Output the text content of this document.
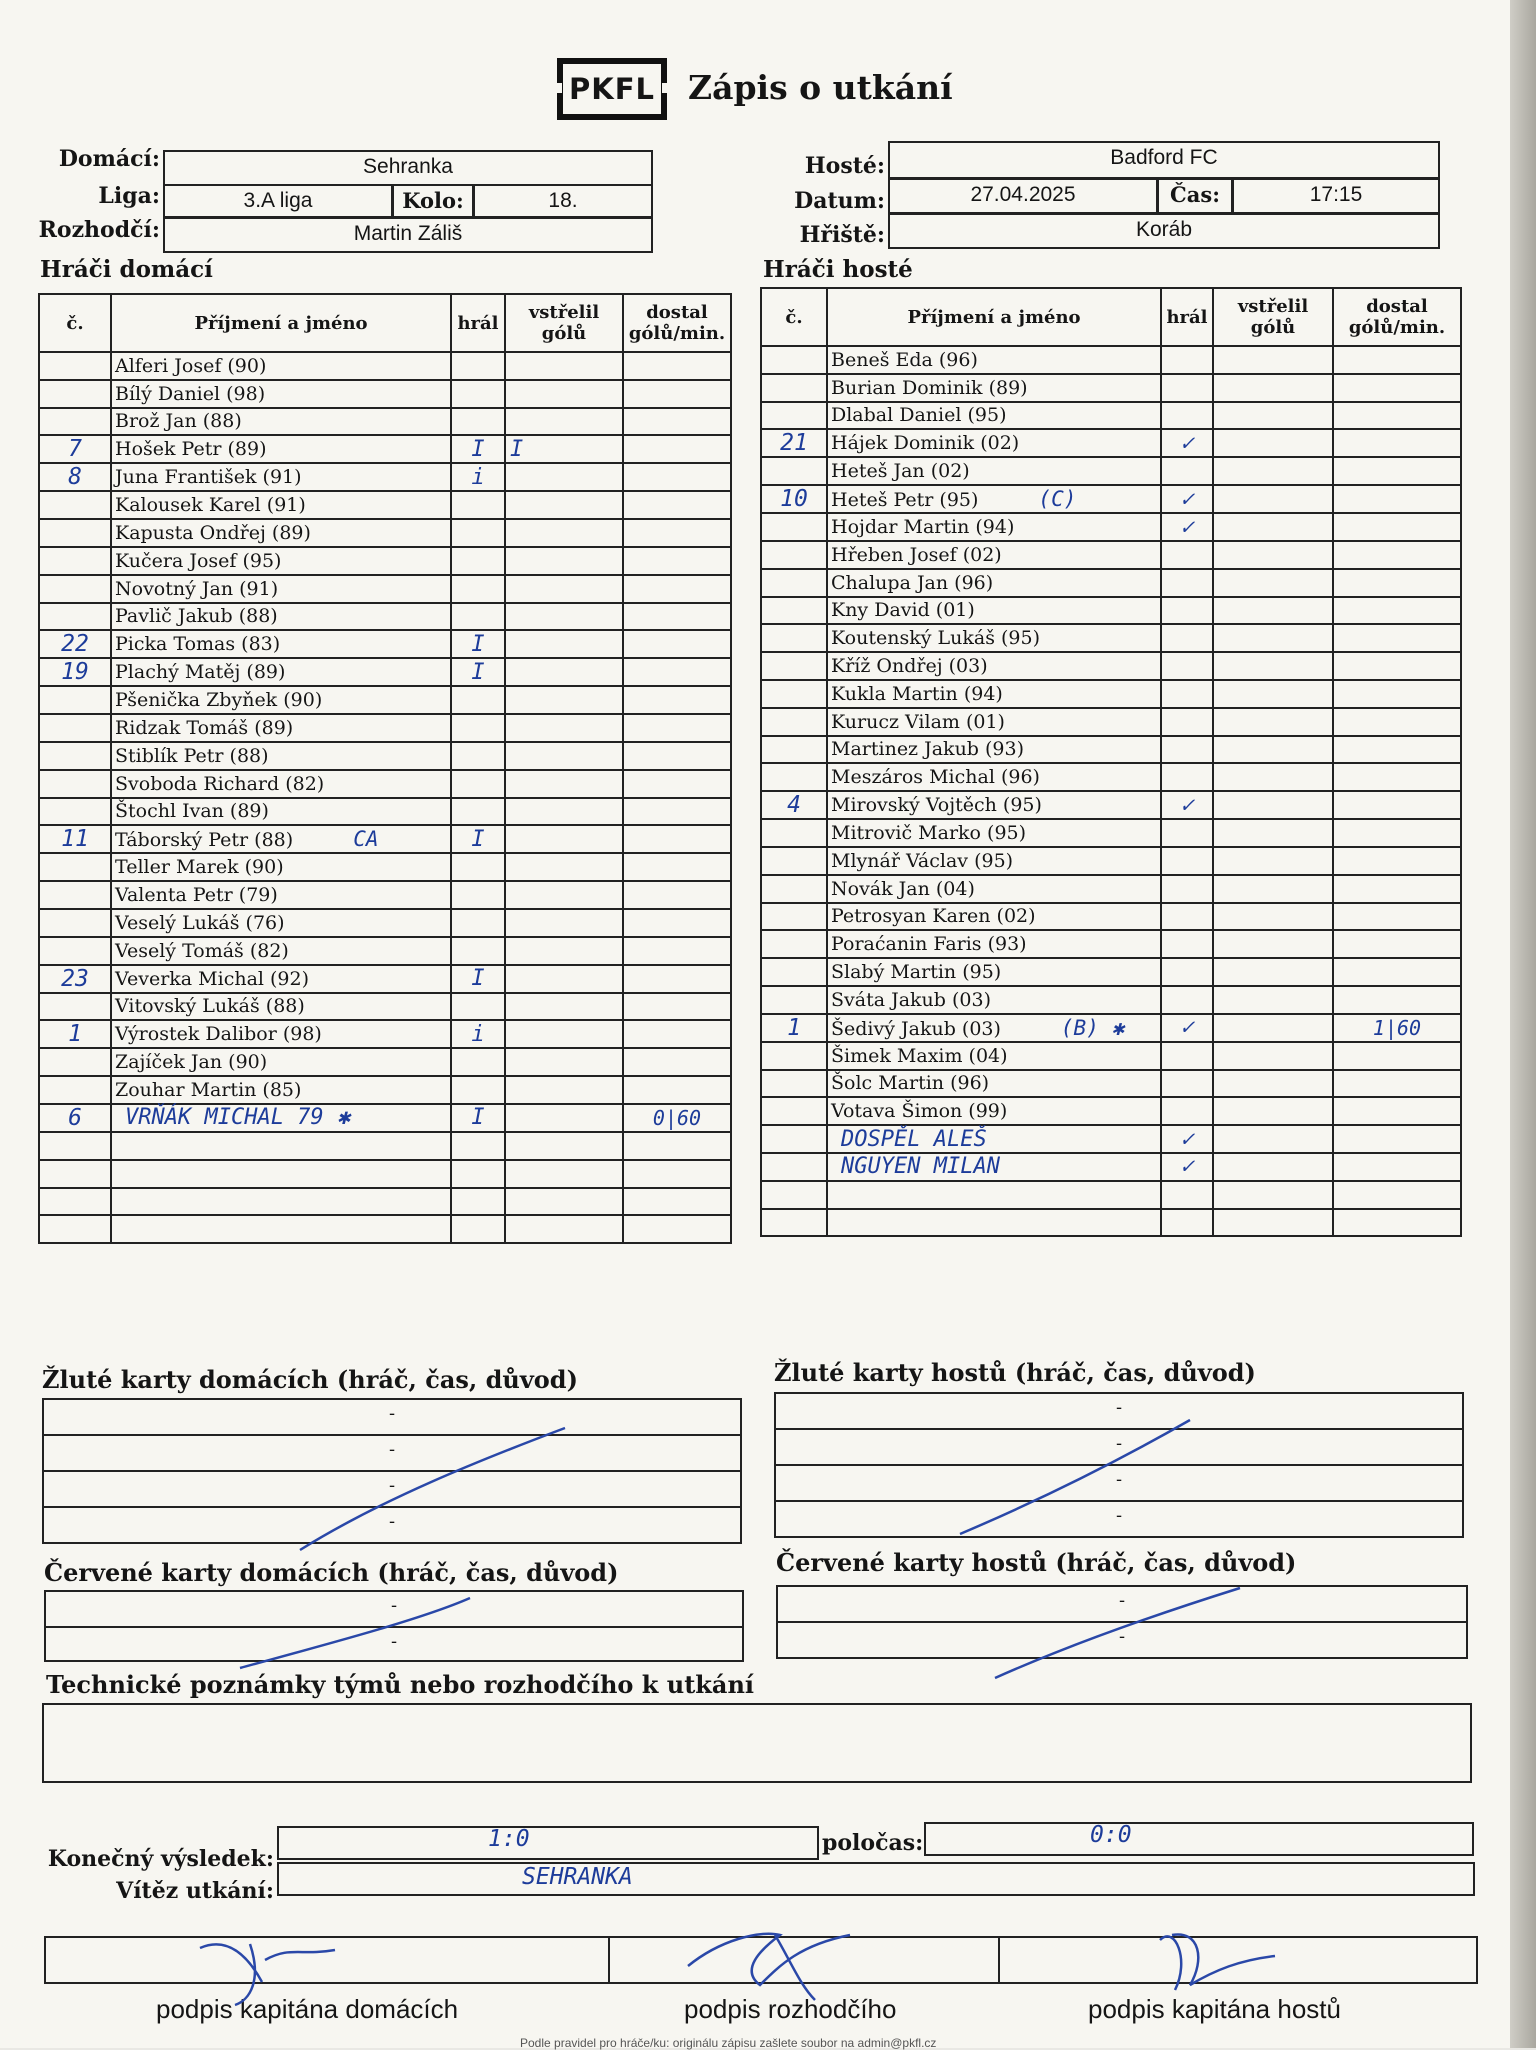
PKFL Zápis o utkání
Domácí:	Sehranka
Liga:	3.A liga	Kolo:	18.
Rozhodčí:	Martin Záliš
Hosté:	Badford FC
Datum:	27.04.2025	Čas:	17:15
Hřiště:	Koráb
Hráči domácí	Hráči hosté
č.	Příjmení a jméno	hrál	vstřelil gólů	dostal gólů/min.
	Alferi Josef (90)			
	Bílý Daniel (98)			
	Brož Jan (88)			
7	Hošek Petr (89)	I	I	
8	Juna František (91)	i		
	Kalousek Karel (91)			
	Kapusta Ondřej (89)			
	Kučera Josef (95)			
	Novotný Jan (91)			
	Pavlič Jakub (88)			
22	Picka Tomas (83)	I		
19	Plachý Matěj (89)	I		
	Pšenička Zbyňek (90)			
	Ridzak Tomáš (89)			
	Stiblík Petr (88)			
	Svoboda Richard (82)			
	Štochl Ivan (89)			
11	Táborský Petr (88) CA	I		
	Teller Marek (90)			
	Valenta Petr (79)			
	Veselý Lukáš (76)			
	Veselý Tomáš (82)			
23	Veverka Michal (92)	I		
	Vitovský Lukáš (88)			
1	Výrostek Dalibor (98)	i		
	Zajíček Jan (90)			
	Zouhar Martin (85)			
6	VRŇÁK MICHAL 79 ✱	I		0|60

č.	Příjmení a jméno	hrál	vstřelil gólů	dostal gólů/min.
	Beneš Eda (96)			
	Burian Dominik (89)			
	Dlabal Daniel (95)			
21	Hájek Dominik (02)	✓		
	Heteš Jan (02)			
10	Heteš Petr (95) (C)	✓		
	Hojdar Martin (94)	✓		
	Hřeben Josef (02)			
	Chalupa Jan (96)			
	Kny David (01)			
	Koutenský Lukáš (95)			
	Kříž Ondřej (03)			
	Kukla Martin (94)			
	Kurucz Vilam (01)			
	Martinez Jakub (93)			
	Meszáros Michal (96)			
4	Mirovský Vojtěch (95)	✓		
	Mitrovič Marko (95)			
	Mlynář Václav (95)			
	Novák Jan (04)			
	Petrosyan Karen (02)			
	Poraćanin Faris (93)			
	Slabý Martin (95)			
	Sváta Jakub (03)			
1	Šedivý Jakub (03) (B) ✱	✓		1|60
	Šimek Maxim (04)			
	Šolc Martin (96)			
	Votava Šimon (99)			
	DOSPĚL ALEŠ	✓		
	NGUYEN MILAN	✓		

Žluté karty domácích (hráč, čas, důvod)
-
-
-
-
Žluté karty hostů (hráč, čas, důvod)
-
-
-
-
Červené karty domácích (hráč, čas, důvod)
-
-
Červené karty hostů (hráč, čas, důvod)
-
-
Technické poznámky týmů nebo rozhodčího k utkání
Konečný výsledek:
1:0	poločas:	0:0
Vítěz utkání:
SEHRANKA
podpis kapitána domácích	podpis rozhodčího	podpis kapitána hostů
Podle pravidel pro hráče/ku: originálu zápisu zašlete soubor na admin@pkfl.cz
